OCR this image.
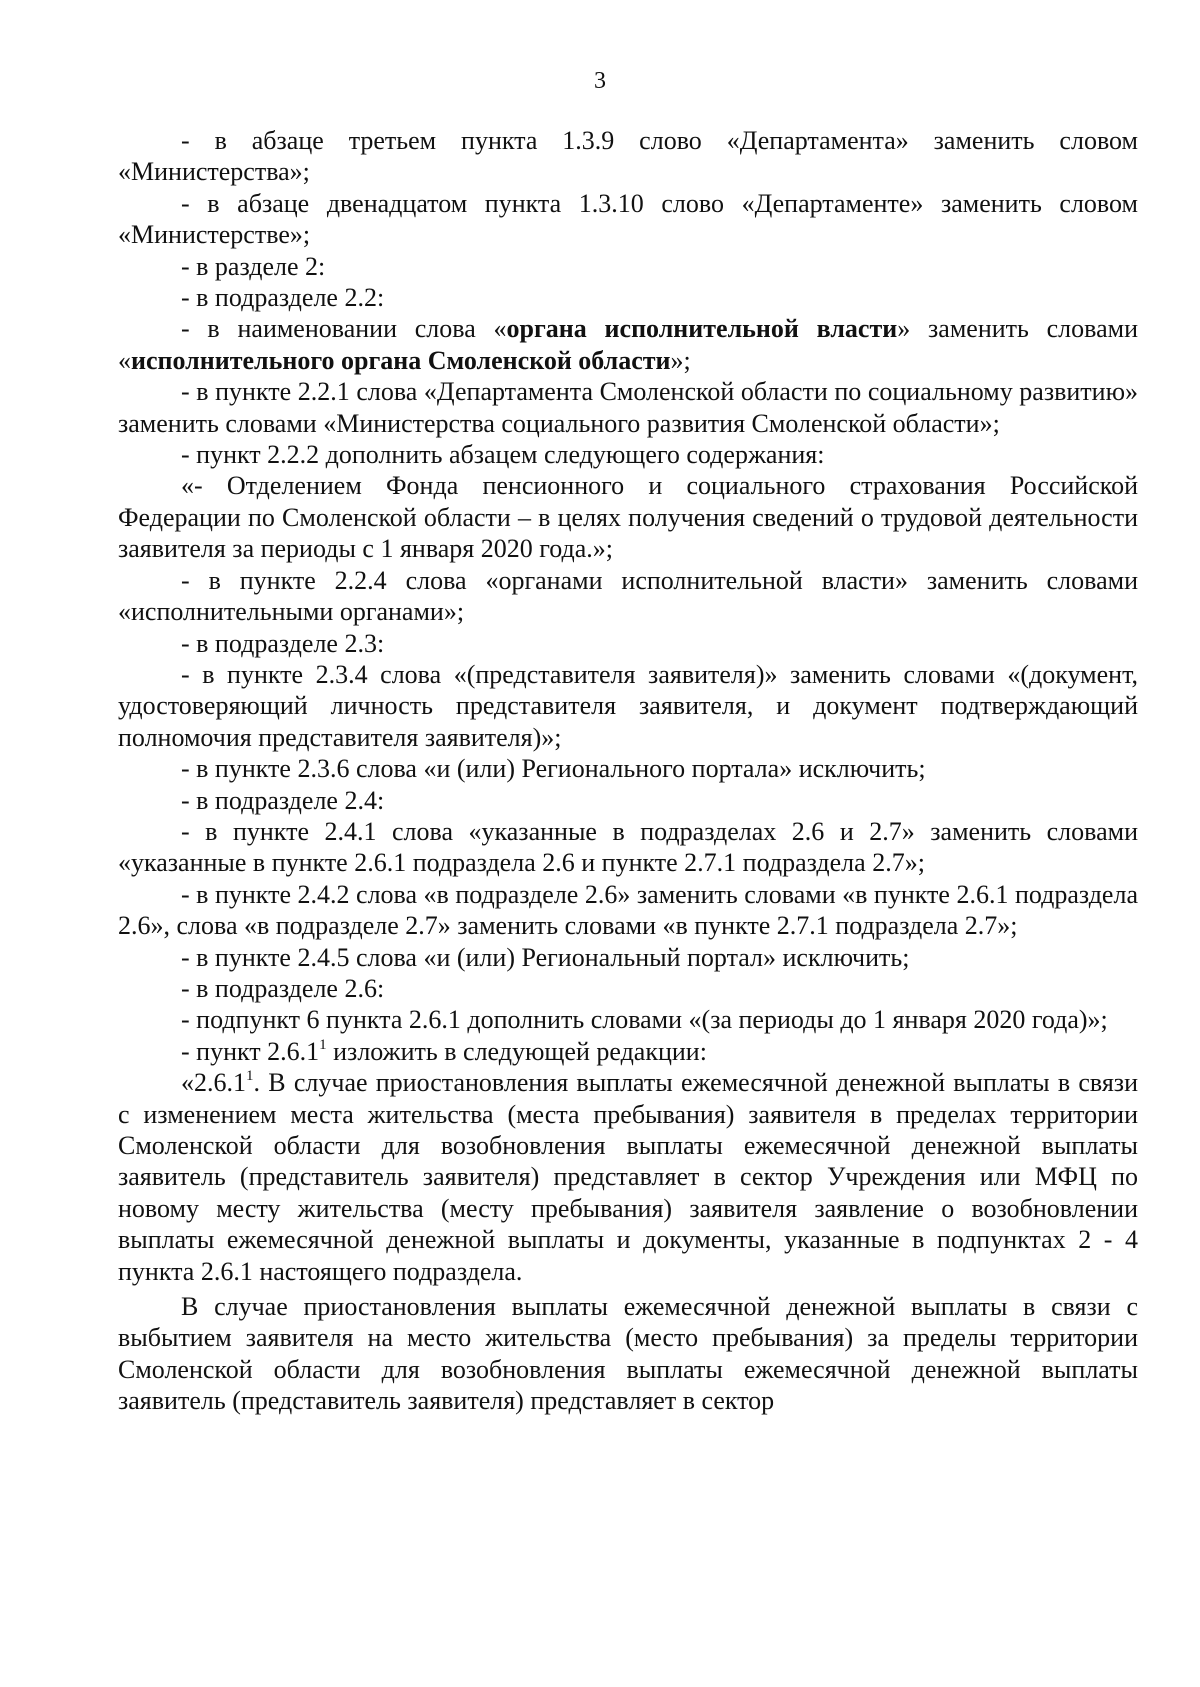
3

- в абзаце третьем пункта 1.3.9 слово «Департамента» заменить словом «Министерства»;

- в абзаце двенадцатом пункта 1.3.10 слово «Департаменте» заменить словом «Министерстве»;

- в разделе 2:

- в подразделе 2.2:

- в наименовании слова «органа исполнительной власти» заменить словами «исполнительного органа Смоленской области»;

- в пункте 2.2.1 слова «Департамента Смоленской области по социальному развитию» заменить словами «Министерства социального развития Смоленской области»;

- пункт 2.2.2 дополнить абзацем следующего содержания:

«- Отделением Фонда пенсионного и социального страхования Российской Федерации по Смоленской области – в целях получения сведений о трудовой деятельности заявителя за периоды с 1 января 2020 года.»;

- в пункте 2.2.4 слова «органами исполнительной власти» заменить словами «исполнительными органами»;

- в подразделе 2.3:

- в пункте 2.3.4 слова «(представителя заявителя)» заменить словами «(документ, удостоверяющий личность представителя заявителя, и документ подтверждающий полномочия представителя заявителя)»;

- в пункте 2.3.6 слова «и (или) Регионального портала» исключить;

- в подразделе 2.4:

- в пункте 2.4.1 слова «указанные в подразделах 2.6 и 2.7» заменить словами «указанные в пункте 2.6.1 подраздела 2.6 и пункте 2.7.1 подраздела 2.7»;

- в пункте 2.4.2 слова «в подразделе 2.6» заменить словами «в пункте 2.6.1 подраздела 2.6», слова «в подразделе 2.7» заменить словами «в пункте 2.7.1 подраздела 2.7»;

- в пункте 2.4.5 слова «и (или) Региональный портал» исключить;

- в подразделе 2.6:

- подпункт 6 пункта 2.6.1 дополнить словами «(за периоды до 1 января 2020 года)»;

- пункт 2.6.1$^1$ изложить в следующей редакции:

«2.6.1$^1$. В случае приостановления выплаты ежемесячной денежной выплаты в связи с изменением места жительства (места пребывания) заявителя в пределах территории Смоленской области для возобновления выплаты ежемесячной денежной выплаты заявитель (представитель заявителя) представляет в сектор Учреждения или МФЦ по новому месту жительства (месту пребывания) заявителя заявление о возобновлении выплаты ежемесячной денежной выплаты и документы, указанные в подпунктах 2 - 4 пункта 2.6.1 настоящего подраздела.

В случае приостановления выплаты ежемесячной денежной выплаты в связи с выбытием заявителя на место жительства (место пребывания) за пределы территории Смоленской области для возобновления выплаты ежемесячной денежной выплаты заявитель (представитель заявителя) представляет в сектор
